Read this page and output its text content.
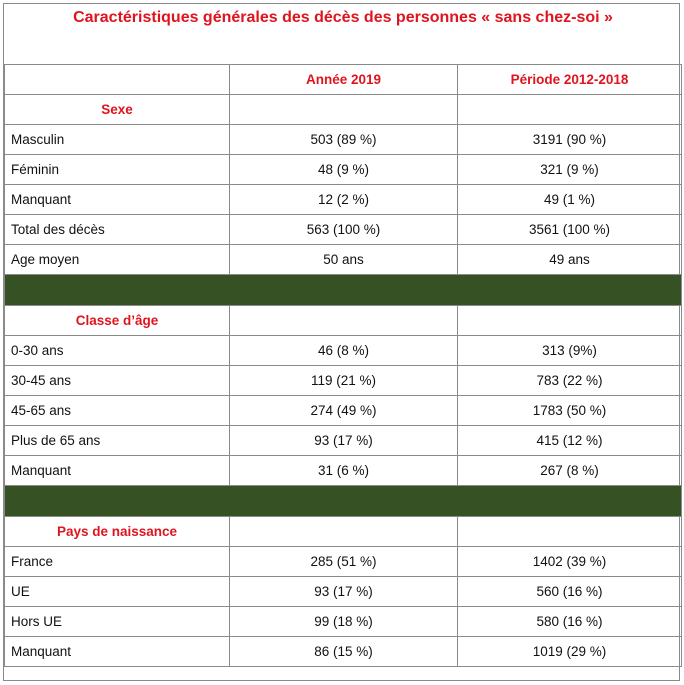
Caractéristiques générales des décès des personnes « sans chez-soi »		
	Année 2019	Période 2012-2018
Sexe		
Masculin	503 (89 %)	3191 (90 %)
Féminin	48 (9 %)	321 (9 %)
Manquant	12 (2 %)	49 (1 %)
Total des décès	563 (100 %)	3561 (100 %)
Age moyen	50 ans	49 ans

Classe d’âge		
0-30 ans	46 (8 %)	313 (9%)
30-45 ans	119 (21 %)	783 (22 %)
45-65 ans	274 (49 %)	1783 (50 %)
Plus de 65 ans	93 (17 %)	415 (12 %)
Manquant	31 (6 %)	267 (8 %)

Pays de naissance		
France	285 (51 %)	1402 (39 %)
UE	93 (17 %)	560 (16 %)
Hors UE	99 (18 %)	580 (16 %)
Manquant	86 (15 %)	1019 (29 %)
